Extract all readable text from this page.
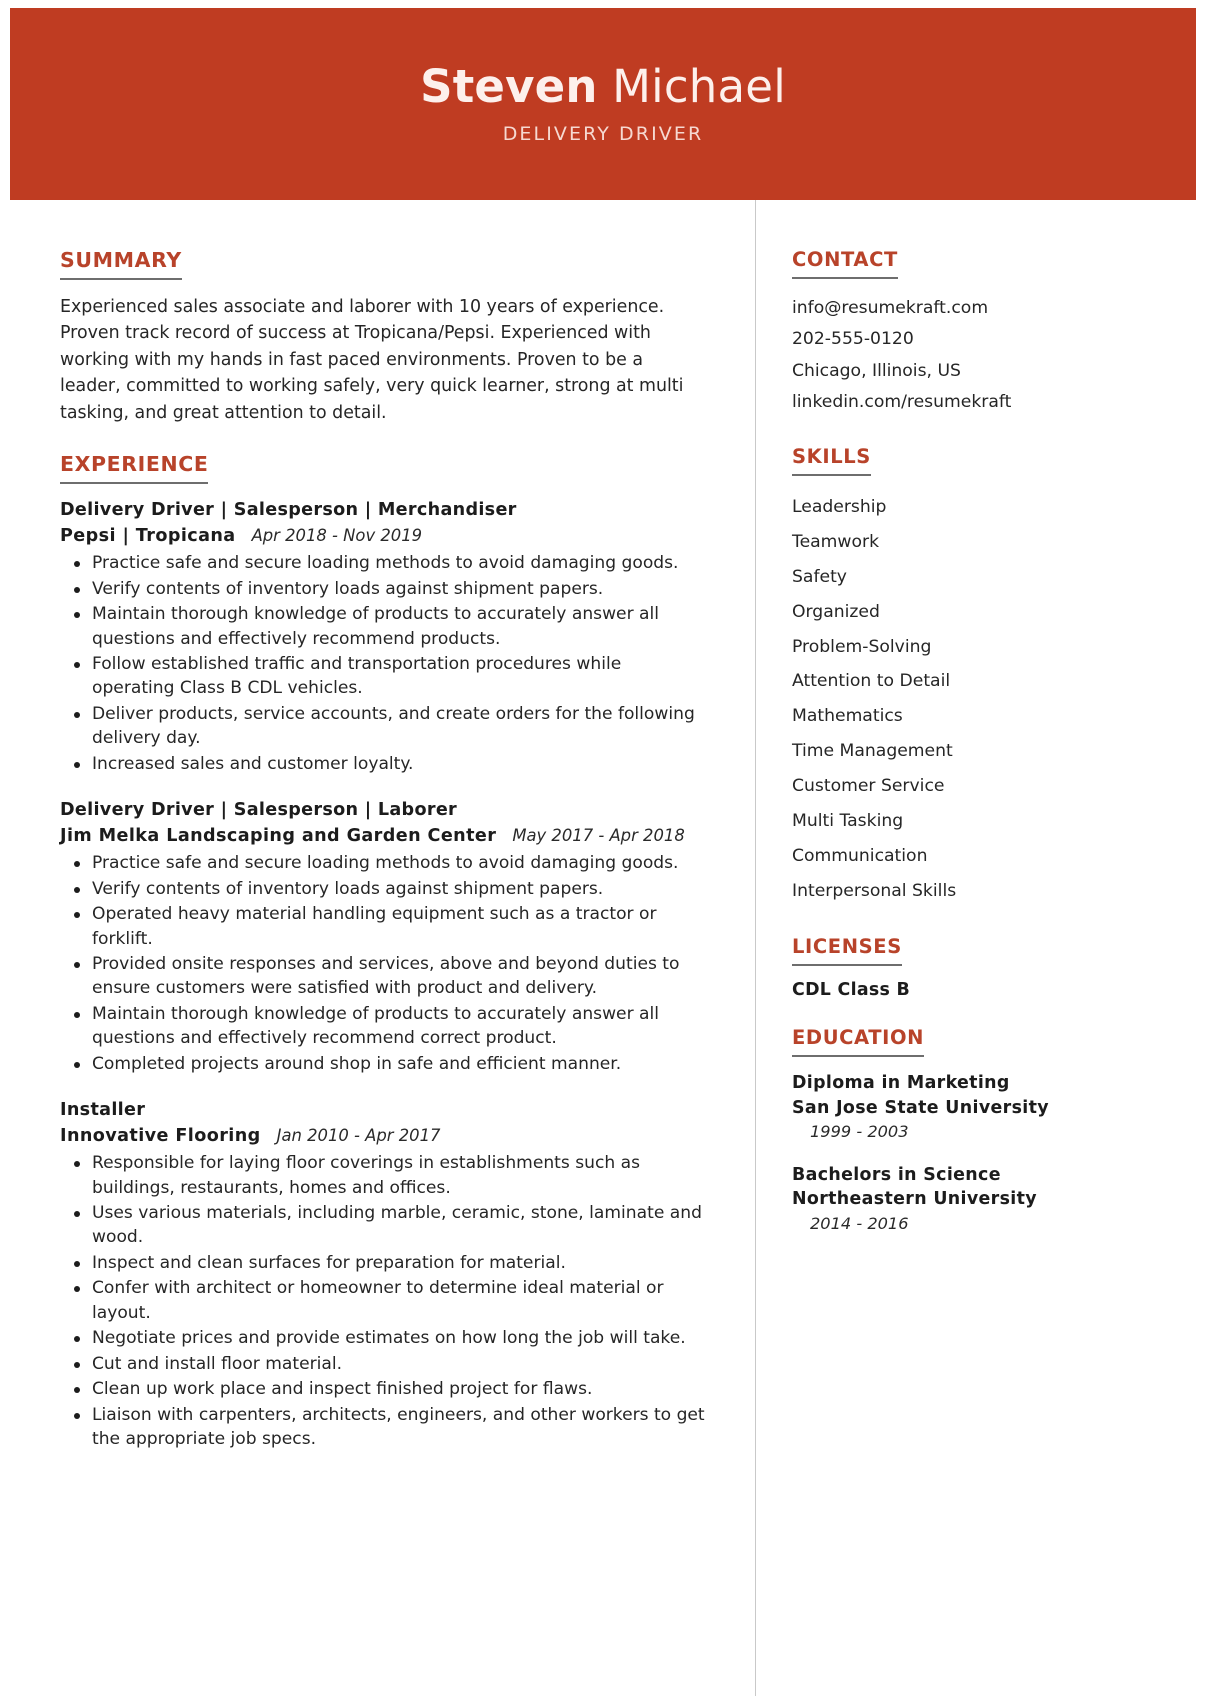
Steven Michael
DELIVERY DRIVER
SUMMARY
Experienced sales associate and laborer with 10 years of experience. Proven track record of success at Tropicana/Pepsi. Experienced with working with my hands in fast paced environments. Proven to be a leader, committed to working safely, very quick learner, strong at multi tasking, and great attention to detail.
EXPERIENCE
Delivery Driver | Salesperson | Merchandiser
Pepsi | Tropicana Apr 2018 - Nov 2019
Practice safe and secure loading methods to avoid damaging goods.
Verify contents of inventory loads against shipment papers.
Maintain thorough knowledge of products to accurately answer all questions and effectively recommend products.
Follow established traffic and transportation procedures while operating Class B CDL vehicles.
Deliver products, service accounts, and create orders for the following delivery day.
Increased sales and customer loyalty.
Delivery Driver | Salesperson | Laborer
Jim Melka Landscaping and Garden Center May 2017 - Apr 2018
Practice safe and secure loading methods to avoid damaging goods.
Verify contents of inventory loads against shipment papers.
Operated heavy material handling equipment such as a tractor or forklift.
Provided onsite responses and services, above and beyond duties to ensure customers were satisfied with product and delivery.
Maintain thorough knowledge of products to accurately answer all questions and effectively recommend correct product.
Completed projects around shop in safe and efficient manner.
Installer
Innovative Flooring Jan 2010 - Apr 2017
Responsible for laying floor coverings in establishments such as buildings, restaurants, homes and offices.
Uses various materials, including marble, ceramic, stone, laminate and wood.
Inspect and clean surfaces for preparation for material.
Confer with architect or homeowner to determine ideal material or layout.
Negotiate prices and provide estimates on how long the job will take.
Cut and install floor material.
Clean up work place and inspect finished project for flaws.
Liaison with carpenters, architects, engineers, and other workers to get the appropriate job specs.
CONTACT
info@resumekraft.com
202-555-0120
Chicago, Illinois, US
linkedin.com/resumekraft
SKILLS
Leadership
Teamwork
Safety
Organized
Problem-Solving
Attention to Detail
Mathematics
Time Management
Customer Service
Multi Tasking
Communication
Interpersonal Skills
LICENSES
CDL Class B
EDUCATION
Diploma in Marketing
San Jose State University
1999 - 2003
Bachelors in Science
Northeastern University
2014 - 2016
